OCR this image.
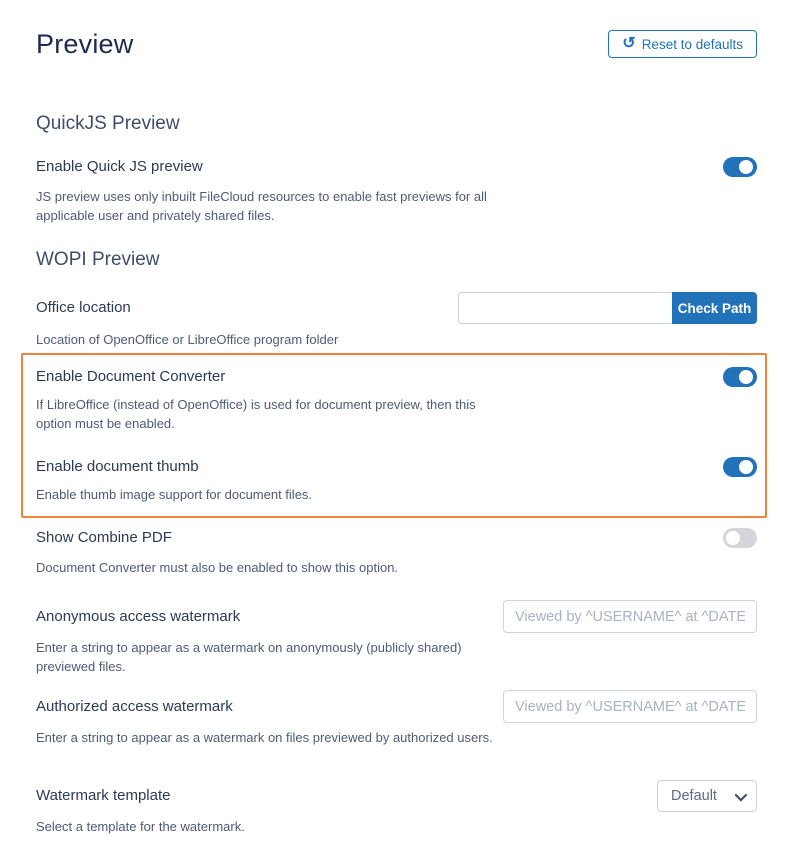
Preview	↺ Reset to defaults
QuickJS Preview
Enable Quick JS preview

JS preview uses only inbuilt FileCloud resources to enable fast previews for all applicable user and privately shared files.

WOPI Preview
Office location	Check Path

Location of OpenOffice or LibreOffice program folder

Enable Document Converter

If LibreOffice (instead of OpenOffice) is used for document preview, then this option must be enabled.

Enable document thumb

Enable thumb image support for document files.

Show Combine PDF

Document Converter must also be enabled to show this option.

Anonymous access watermark
Viewed by ^USERNAME^ at ^DATETIME^

Enter a string to appear as a watermark on anonymously (publicly shared) previewed files.

Authorized access watermark
Viewed by ^USERNAME^ at ^DATETIME^

Enter a string to appear as a watermark on files previewed by authorized users.

Watermark template	Default

Select a template for the watermark.
